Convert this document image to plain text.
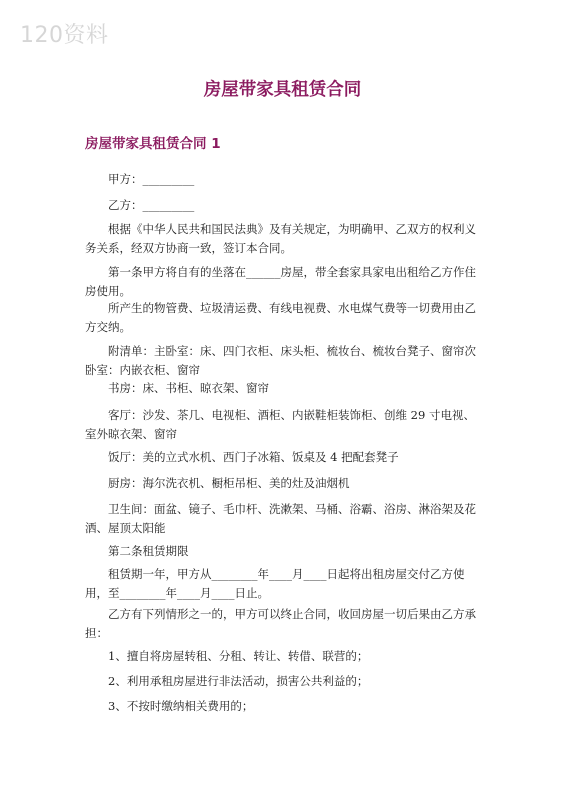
120资料
房屋带家具租赁合同
房屋带家具租赁合同 1
甲方：_________
乙方：_________
根据《中华人民共和国民法典》及有关规定，为明确甲、乙双方的权利义务关系，经双方协商一致，签订本合同。
第一条甲方将自有的坐落在______房屋，带全套家具家电出租给乙方作住房使用。
所产生的物管费、垃圾清运费、有线电视费、水电煤气费等一切费用由乙方交纳。
附清单：主卧室：床、四门衣柜、床头柜、梳妆台、梳妆台凳子、窗帘次卧室：内嵌衣柜、窗帘
书房：床、书柜、晾衣架、窗帘
客厅：沙发、茶几、电视柜、酒柜、内嵌鞋柜装饰柜、创维 29 寸电视、室外晾衣架、窗帘
饭厅：美的立式水机、西门子冰箱、饭桌及 4 把配套凳子
厨房：海尔洗衣机、橱柜吊柜、美的灶及油烟机
卫生间：面盆、镜子、毛巾杆、洗漱架、马桶、浴霸、浴房、淋浴架及花洒、屋顶太阳能
第二条租赁期限
租赁期一年，甲方从________年____月____日起将出租房屋交付乙方使用，至________年____月____日止。
乙方有下列情形之一的，甲方可以终止合同，收回房屋一切后果由乙方承担：
1、擅自将房屋转租、分租、转让、转借、联营的；
2、利用承租房屋进行非法活动，损害公共利益的；
3、不按时缴纳相关费用的；
